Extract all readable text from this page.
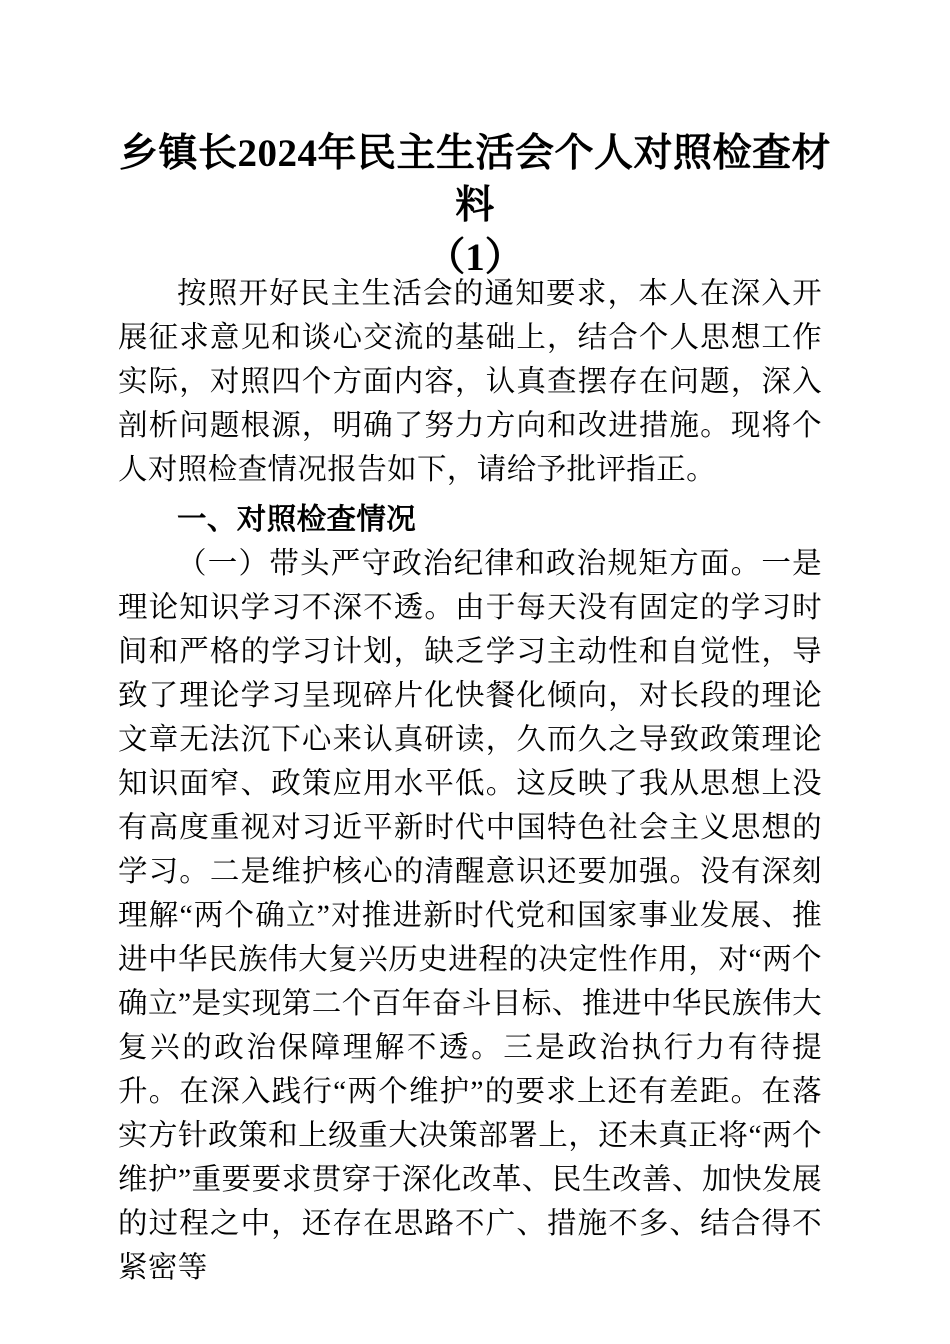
乡镇长2024年民主生活会个人对照检查材料
（1）

按照开好民主生活会的通知要求，本人在深入开展征求意见和谈心交流的基础上，结合个人思想工作实际，对照四个方面内容，认真查摆存在问题，深入剖析问题根源，明确了努力方向和改进措施。现将个人对照检查情况报告如下，请给予批评指正。

一、对照检查情况

（一）带头严守政治纪律和政治规矩方面。一是理论知识学习不深不透。由于每天没有固定的学习时间和严格的学习计划，缺乏学习主动性和自觉性，导致了理论学习呈现碎片化快餐化倾向，对长段的理论文章无法沉下心来认真研读，久而久之导致政策理论知识面窄、政策应用水平低。这反映了我从思想上没有高度重视对习近平新时代中国特色社会主义思想的学习。二是维护核心的清醒意识还要加强。没有深刻理解“两个确立”对推进新时代党和国家事业发展、推进中华民族伟大复兴历史进程的决定性作用，对“两个确立”是实现第二个百年奋斗目标、推进中华民族伟大复兴的政治保障理解不透。三是政治执行力有待提升。在深入践行“两个维护”的要求上还有差距。在落实方针政策和上级重大决策部署上，还未真正将“两个维护”重要要求贯穿于深化改革、民生改善、加快发展的过程之中，还存在思路不广、措施不多、结合得不紧密等
